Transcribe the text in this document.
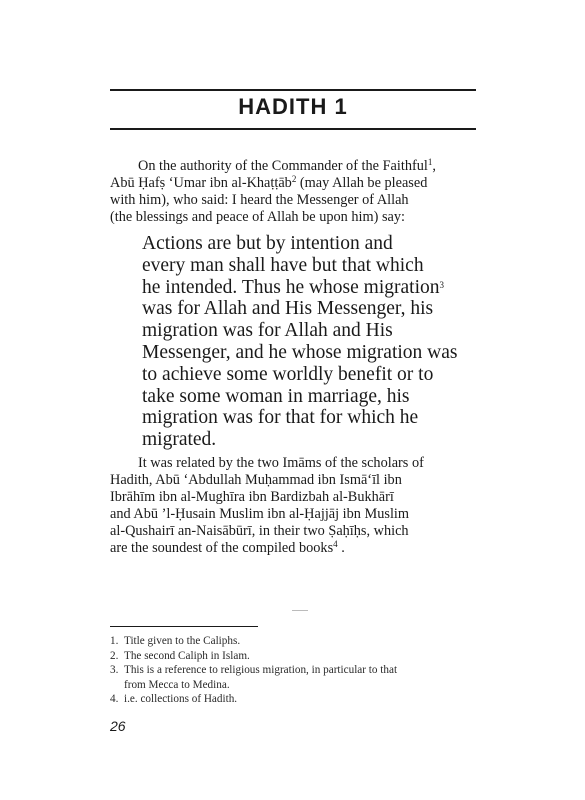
HADITH 1
On the authority of the Commander of the Faithful$^1$,
Abū Ḥafṣ ‘Umar ibn al-Khaṭṭāb$^2$ (may Allah be pleased
with him), who said: I heard the Messenger of Allah
(the blessings and peace of Allah be upon him) say:
Actions are but by intention and
every man shall have but that which
he intended. Thus he whose migration$^3$
was for Allah and His Messenger, his
migration was for Allah and His
Messenger, and he whose migration was
to achieve some worldly benefit or to
take some woman in marriage, his
migration was for that for which he
migrated.
It was related by the two Imāms of the scholars of
Hadith, Abū ‘Abdullah Muḥammad ibn Ismā‘īl ibn
Ibrāhīm ibn al-Mughīra ibn Bardizbah al-Bukhārī
and Abū ’l-Ḥusain Muslim ibn al-Ḥajjāj ibn Muslim
al-Qushairī an-Naisābūrī, in their two Ṣaḥīḥs, which
are the soundest of the compiled books$^4$ .
1. Title given to the Caliphs.
2. The second Caliph in Islam.
3. This is a reference to religious migration, in particular to that
from Mecca to Medina.
4. i.e. collections of Hadith.
26
